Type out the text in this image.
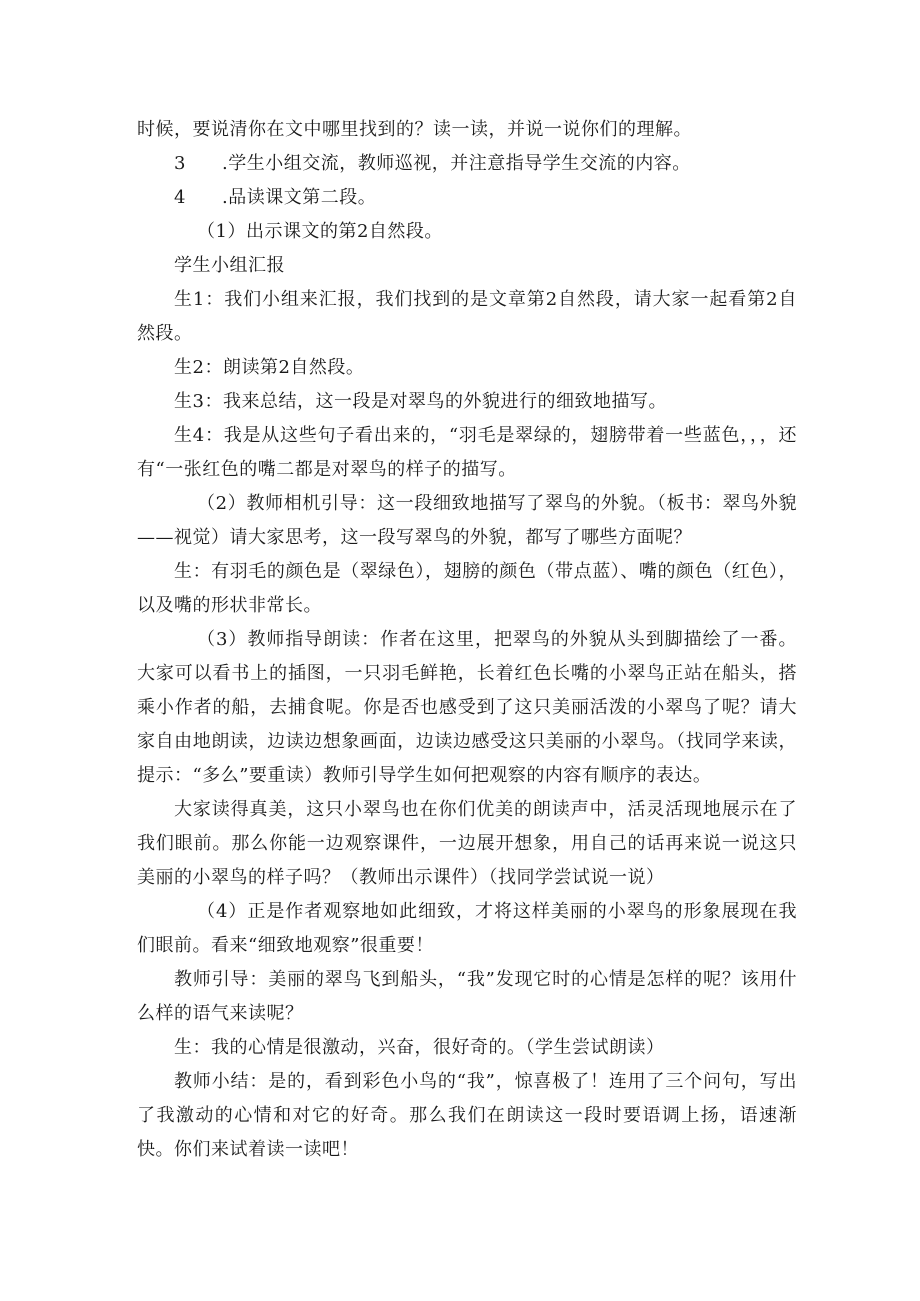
时候，要说清你在文中哪里找到的？读一读，并说一说你们的理解。

3	.学生小组交流，教师巡视，并注意指导学生交流的内容。

4	.品读课文第二段。

（1）出示课文的第2自然段。

学生小组汇报

生1：我们小组来汇报，我们找到的是文章第2自然段，请大家一起看第2自然段。

生2：朗读第2自然段。

生3：我来总结，这一段是对翠鸟的外貌进行的细致地描写。

生4：我是从这些句子看出来的，“羽毛是翠绿的，翅膀带着一些蓝色，，，还有“一张红色的嘴二都是对翠鸟的样子的描写。

（2）教师相机引导：这一段细致地描写了翠鸟的外貌。（板书：翠鸟外貌——视觉）请大家思考，这一段写翠鸟的外貌，都写了哪些方面呢？

生：有羽毛的颜色是（翠绿色），翅膀的颜色（带点蓝）、嘴的颜色（红色），以及嘴的形状非常长。

（3）教师指导朗读：作者在这里，把翠鸟的外貌从头到脚描绘了一番。大家可以看书上的插图，一只羽毛鲜艳，长着红色长嘴的小翠鸟正站在船头，搭乘小作者的船，去捕食呢。你是否也感受到了这只美丽活泼的小翠鸟了呢？请大家自由地朗读，边读边想象画面，边读边感受这只美丽的小翠鸟。（找同学来读，提示：“多么”要重读）教师引导学生如何把观察的内容有顺序的表达。

大家读得真美，这只小翠鸟也在你们优美的朗读声中，活灵活现地展示在了我们眼前。那么你能一边观察课件，一边展开想象，用自己的话再来说一说这只美丽的小翠鸟的样子吗？（教师出示课件）（找同学尝试说一说）

（4）正是作者观察地如此细致，才将这样美丽的小翠鸟的形象展现在我们眼前。看来“细致地观察”很重要！

教师引导：美丽的翠鸟飞到船头，“我”发现它时的心情是怎样的呢？该用什么样的语气来读呢？

生：我的心情是很激动，兴奋，很好奇的。（学生尝试朗读）

教师小结：是的，看到彩色小鸟的“我”，惊喜极了！连用了三个问句，写出了我激动的心情和对它的好奇。那么我们在朗读这一段时要语调上扬，语速渐快。你们来试着读一读吧！
